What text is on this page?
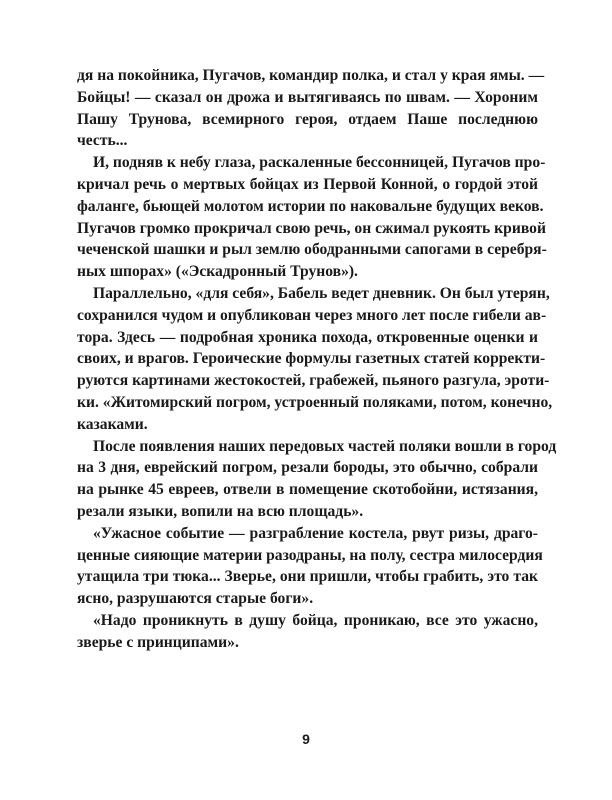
дя на покойника, Пугачов, командир полка, и стал у края ямы. —
Бойцы! — сказал он дрожа и вытягиваясь по швам. — Хороним
Пашу Трунова, всемирного героя, отдаем Паше последнюю
честь...
И, подняв к небу глаза, раскаленные бессонницей, Пугачов про-
кричал речь о мертвых бойцах из Первой Конной, о гордой этой
фаланге, бьющей молотом истории по наковальне будущих веков.
Пугачов громко прокричал свою речь, он сжимал рукоять кривой
чеченской шашки и рыл землю ободранными сапогами в серебря-
ных шпорах» («Эскадронный Трунов»).
Параллельно, «для себя», Бабель ведет дневник. Он был утерян,
сохранился чудом и опубликован через много лет после гибели ав-
тора. Здесь — подробная хроника похода, откровенные оценки и
своих, и врагов. Героические формулы газетных статей корректи-
руются картинами жестокостей, грабежей, пьяного разгула, эроти-
ки. «Житомирский погром, устроенный поляками, потом, конечно,
казаками.
После появления наших передовых частей поляки вошли в город
на 3 дня, еврейский погром, резали бороды, это обычно, собрали
на рынке 45 евреев, отвели в помещение скотобойни, истязания,
резали языки, вопили на всю площадь».
«Ужасное событие — разграбление костела, рвут ризы, драго-
ценные сияющие материи разодраны, на полу, сестра милосердия
утащила три тюка... Зверье, они пришли, чтобы грабить, это так
ясно, разрушаются старые боги».
«Надо проникнуть в душу бойца, проникаю, все это ужасно,
зверье с принципами».
9
